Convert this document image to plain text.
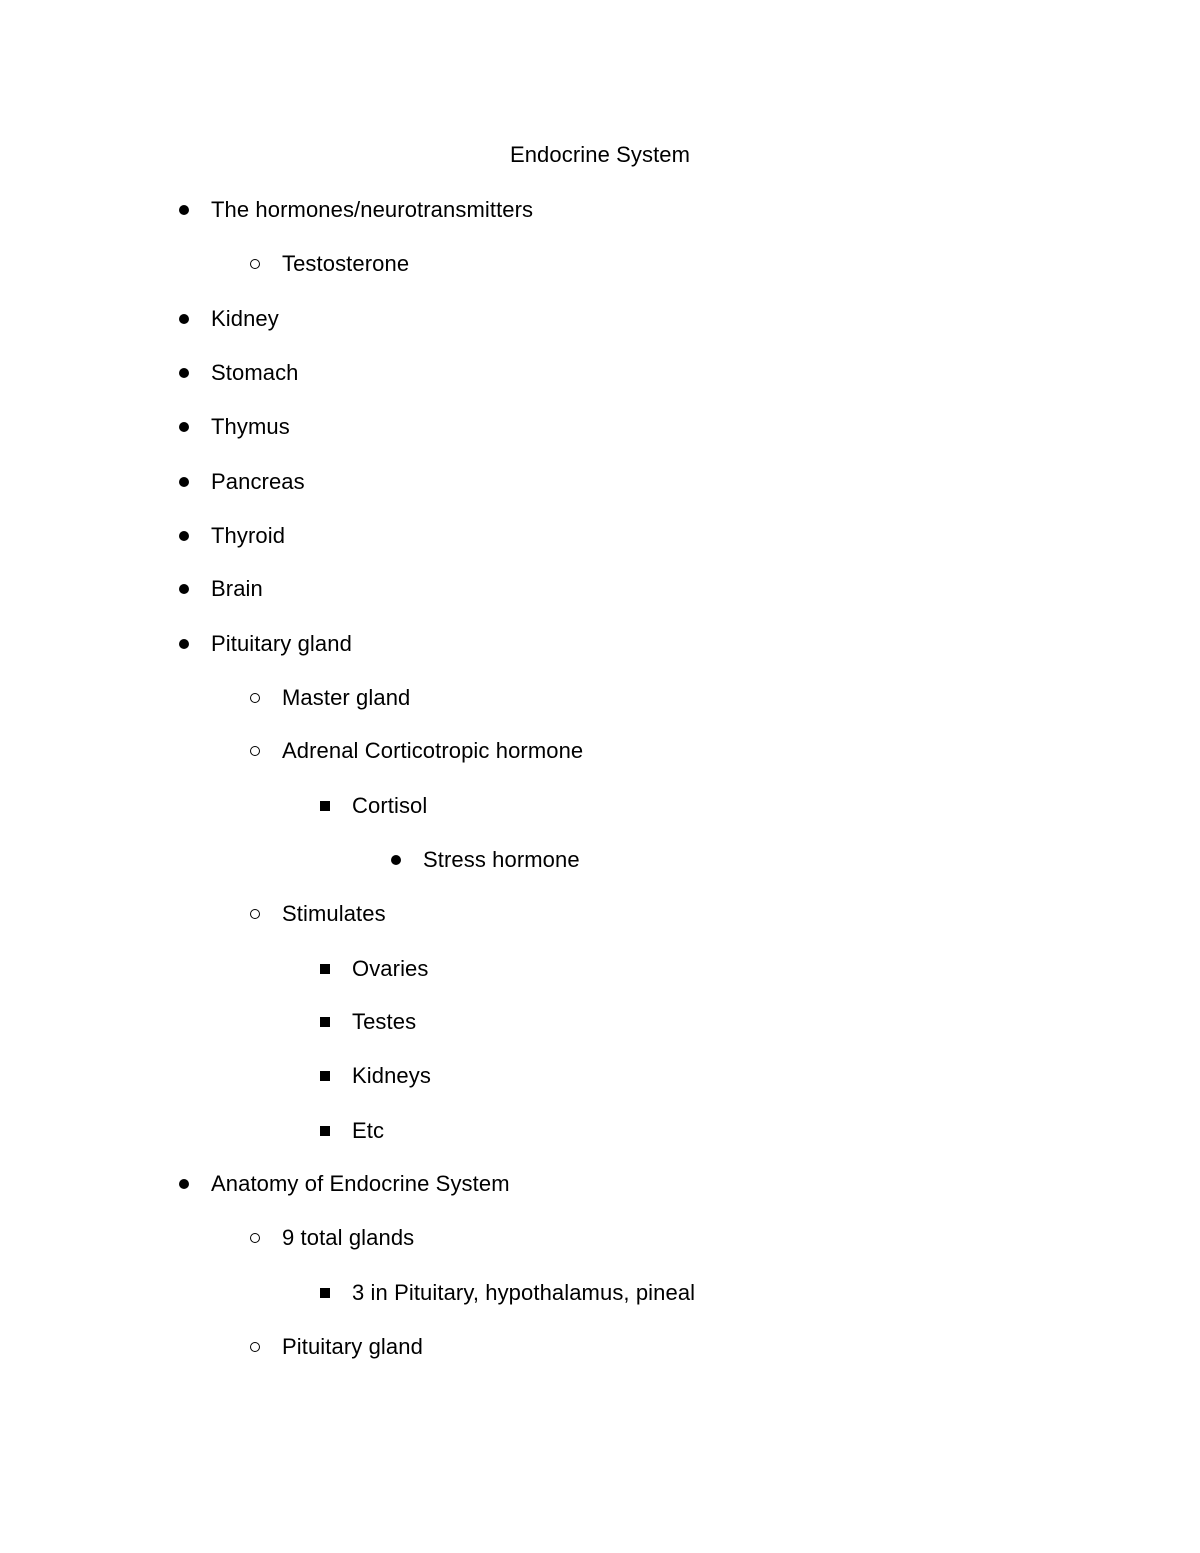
Endocrine System
The hormones/neurotransmitters
Testosterone
Kidney
Stomach
Thymus
Pancreas
Thyroid
Brain
Pituitary gland
Master gland
Adrenal Corticotropic hormone
Cortisol
Stress hormone
Stimulates
Ovaries
Testes
Kidneys
Etc
Anatomy of Endocrine System
9 total glands
3 in Pituitary, hypothalamus, pineal
Pituitary gland
